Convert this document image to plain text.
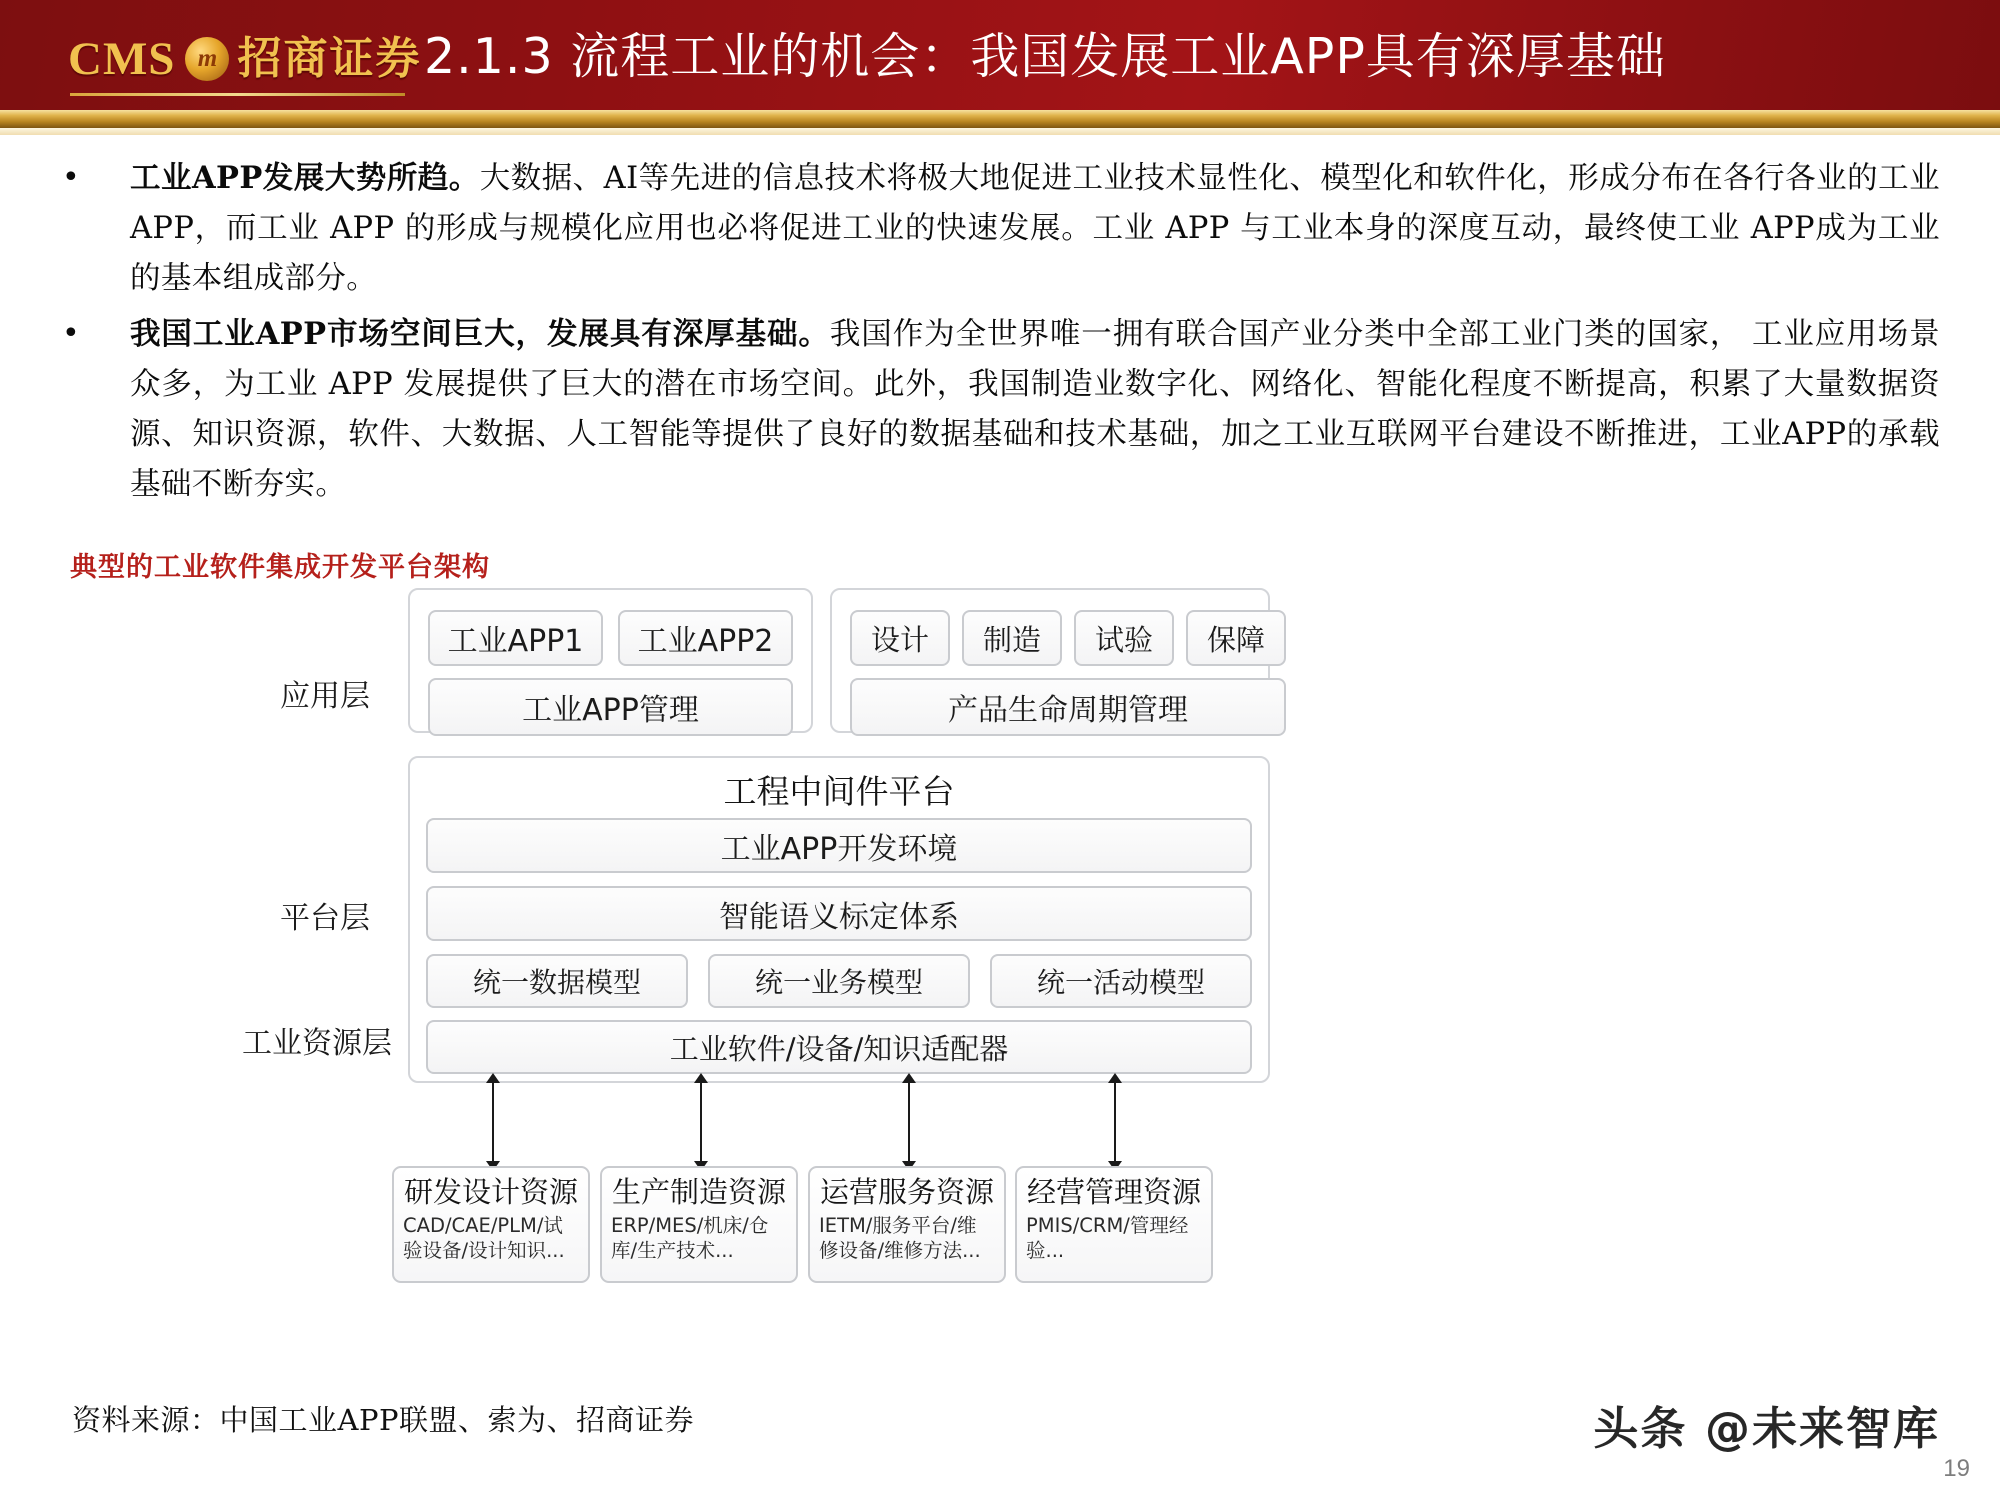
CMS m 招商证券 2.1.3 流程工业的机会：我国发展工业APP具有深厚基础
• 工业APP发展大势所趋。大数据、AI等先进的信息技术将极大地促进工业技术显性化、模型化和软件化，形成分布在各行各业的工业 APP，而工业 APP 的形成与规模化应用也必将促进工业的快速发展。工业 APP 与工业本身的深度互动，最终使工业 APP成为工业的基本组成部分。
• 我国工业APP市场空间巨大，发展具有深厚基础。我国作为全世界唯一拥有联合国产业分类中全部工业门类的国家， 工业应用场景众多，为工业 APP 发展提供了巨大的潜在市场空间。此外，我国制造业数字化、网络化、智能化程度不断提高，积累了大量数据资源、知识资源，软件、大数据、人工智能等提供了良好的数据基础和技术基础，加之工业互联网平台建设不断推进，工业APP的承载基础不断夯实。
典型的工业软件集成开发平台架构
应用层
平台层
工业资源层
工业APP1	工业APP2
工业APP管理
设计	制造	试验	保障
产品生命周期管理
工程中间件平台
工业APP开发环境
智能语义标定体系
统一数据模型	统一业务模型	统一活动模型
工业软件/设备/知识适配器
研发设计资源
CAD/CAE/PLM/试验设备/设计知识...
生产制造资源
ERP/MES/机床/仓库/生产技术...
运营服务资源
IETM/服务平台/维修设备/维修方法...
经营管理资源
PMIS/CRM/管理经验...
资料来源：中国工业APP联盟、索为、招商证券	头条 @未来智库
19
